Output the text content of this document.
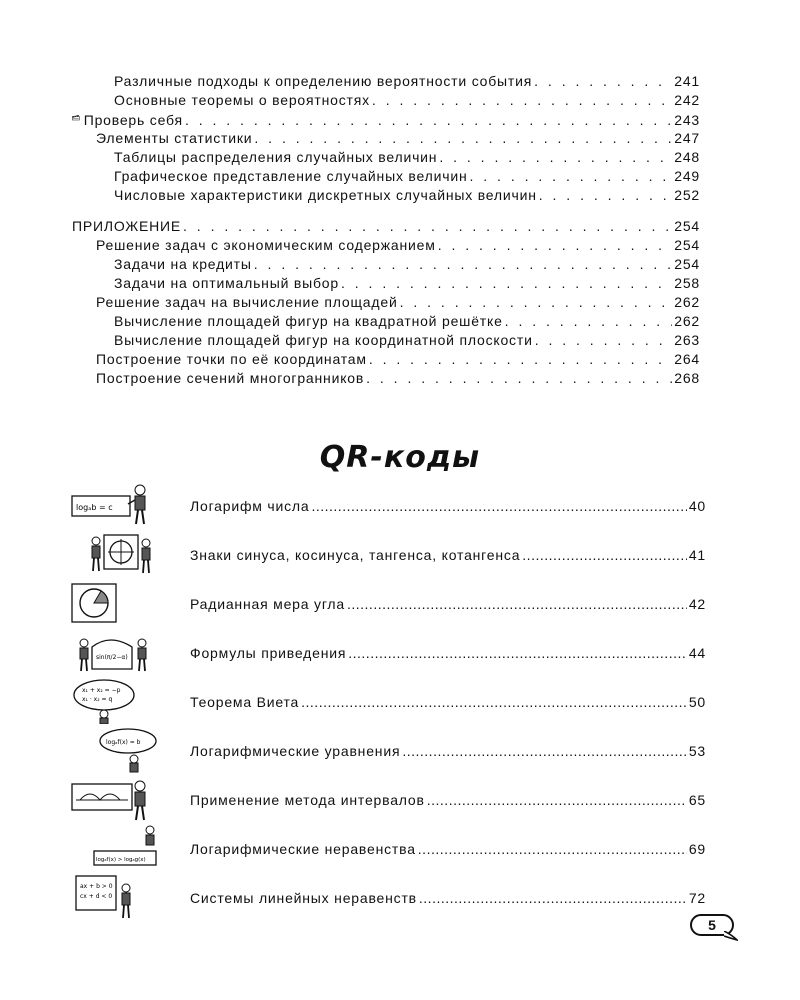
Различные подходы к определению вероятности события . . .	241
Основные теоремы о вероятностях . . .	242
Проверь себя . . .	243
Элементы статистики . . .	247
Таблицы распределения случайных величин . . .	248
Графическое представление случайных величин . . .	249
Числовые характеристики дискретных случайных величин . . .	252
ПРИЛОЖЕНИЕ . . .	254
Решение задач с экономическим содержанием . . .	254
Задачи на кредиты . . .	254
Задачи на оптимальный выбор . . .	258
Решение задач на вычисление площадей . . .	262
Вычисление площадей фигур на квадратной решётке . . .	262
Вычисление площадей фигур на координатной плоскости . . .	263
Построение точки по её координатам . . .	264
Построение сечений многогранников . . .	268
QR-коды
logₐb = c	Логарифм числа .....	40
Знаки синуса, косинуса, тангенса, котангенса .....	41
Радианная мера угла .....	42
sin(π/2−α)	Формулы приведения .....	44
x₁ + x₂ = −p
x₁ · x₂ = q	Теорема Виета .....	50
logₐf(x) = b
Логарифмические уравнения .....	53
Применение метода интервалов .....	65
logₐf(x) > logₐg(x)
Логарифмические неравенства .....	69
ax + b > 0
cx + d < 0	Системы линейных неравенств .....	72
5
